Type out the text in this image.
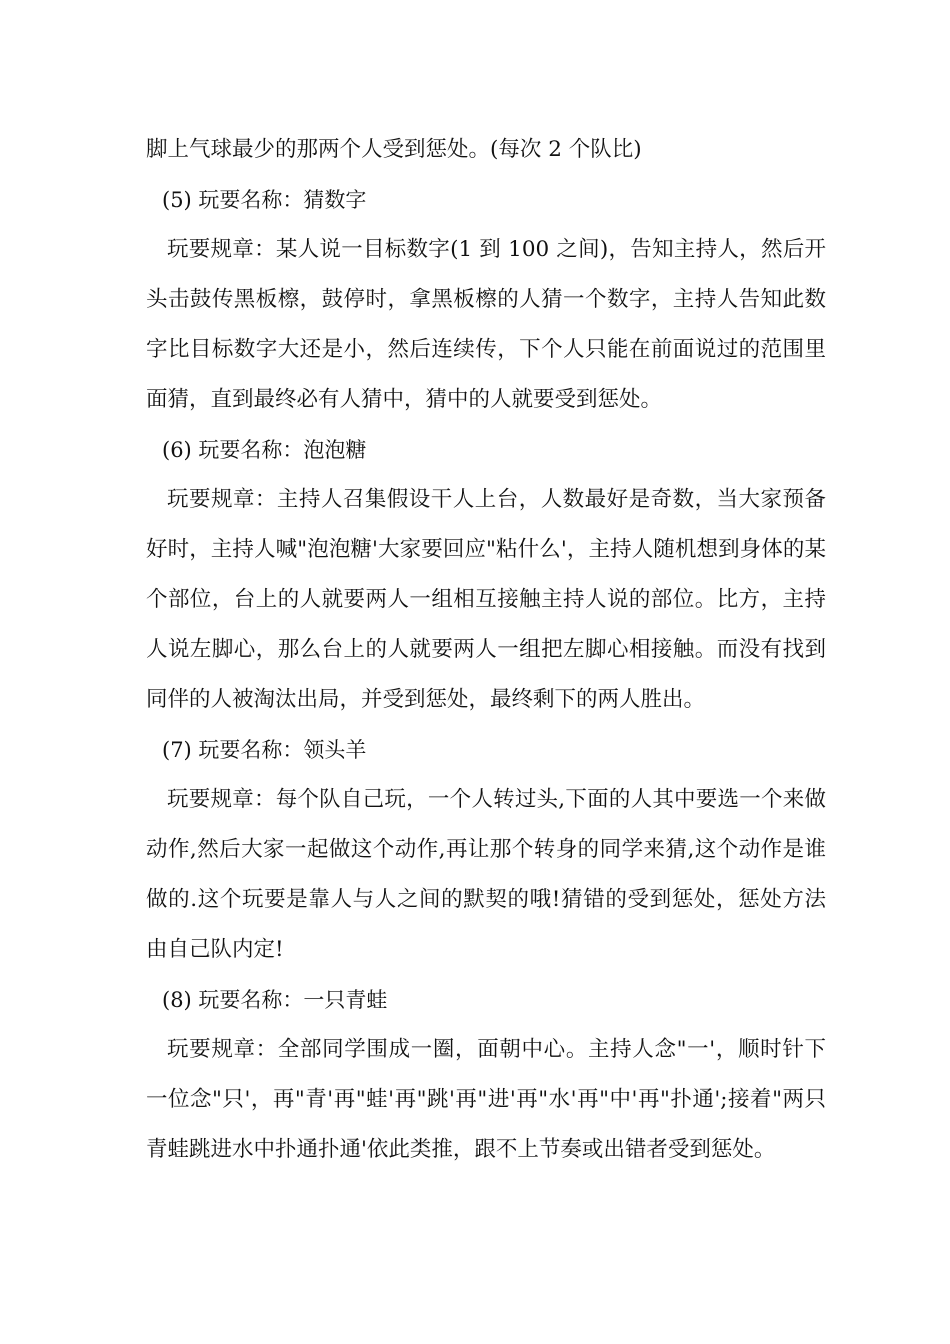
脚上气球最少的那两个人受到惩处。(每次 2 个队比)

(5) 玩要名称：猜数字

玩要规章：某人说一目标数字(1 到 100 之间)，告知主持人，然后开头击鼓传黑板檫，鼓停时，拿黑板檫的人猜一个数字，主持人告知此数字比目标数字大还是小，然后连续传，下个人只能在前面说过的范围里面猜，直到最终必有人猜中，猜中的人就要受到惩处。

(6) 玩要名称：泡泡糖

玩要规章：主持人召集假设干人上台，人数最好是奇数，当大家预备好时，主持人喊"泡泡糖'大家要回应"粘什么'，主持人随机想到身体的某个部位，台上的人就要两人一组相互接触主持人说的部位。比方，主持人说左脚心，那么台上的人就要两人一组把左脚心相接触。而没有找到同伴的人被淘汰出局，并受到惩处，最终剩下的两人胜出。

(7) 玩要名称：领头羊

玩要规章：每个队自己玩，一个人转过头,下面的人其中要选一个来做动作,然后大家一起做这个动作,再让那个转身的同学来猜,这个动作是谁做的.这个玩要是靠人与人之间的默契的哦!猜错的受到惩处，惩处方法由自己队内定!

(8) 玩要名称：一只青蛙

玩要规章：全部同学围成一圈，面朝中心。主持人念"一'，顺时针下一位念"只'，再"青'再"蛙'再"跳'再"进'再"水'再"中'再"扑通';接着"两只青蛙跳进水中扑通扑通'依此类推，跟不上节奏或出错者受到惩处。
